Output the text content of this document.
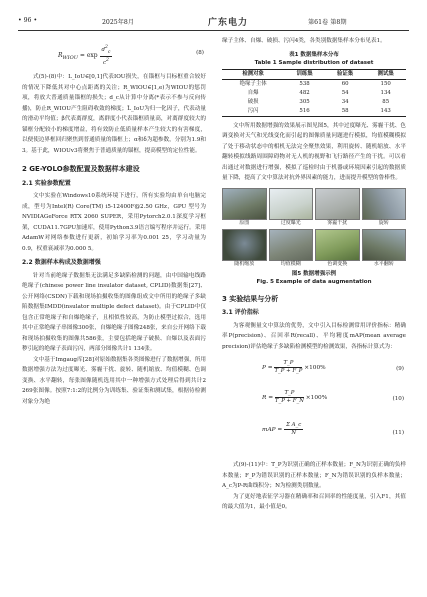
• 96 •	2025年8月	广东电力	第61卷 第8期
$R_{WIOU} = \exp \frac{d^2_c}{c^2}$	(8)

式(5)-(8)中：L_IoU∈[0,1]代表IOU损失，在锚框与目标框重合较好的情况下降低其对中心点距离的关注；R_WIOU∈[1,e)为WIOU的惩罚项，将放大普通质量锚框的损失；d_c从计算中分离(*表示不参与反向传播)，防止R_WIOU产生阻碍收敛的梯度；L̄_IoU为归一化因子，代表动量的滑动平均值；β代表离群度，离群度小代表锚框质量高，对离群度较大的锚框分配较小的梯度增益，将有效防止低质量样本产生较大的有害梯度，以便使边界框回归聚焦到普通质量的锚框上；α和δ为超参数，分别为1.9和3。基于此，WIOUv3将聚焦于普通质量的锚框，提高模型的定位性能。

2 GE-YOLO参数配置及数据样本建设
2.1 实验参数配置

文中实验在Windows10系统环境下进行，所有实验均由单台电脑完成，型号为Intel(R) Core(TM) i5-12400F@2.50 GHz，GPU 型号为 NVIDIAGeForce RTX 2060 SUPER，采用Pytorch2.0.1深度学习框架，CUDA11.7GPU加速库，使用Python3.9语言编写程序并运行。采用AdamW对网络参数进行更新，初始学习率为0.001 25，学习动量为0.9，权重衰减率为0.000 5。

2.2 数据样本构成及数据增强

针对当前绝缘子数据集无法满足多缺陷检测的问题，由中国输电线路绝缘子(chinese power line insulator dataset, CPLID)数据集[27]、公开网络(CSDN)下载和现场拍摄收集的图像组成文中所用的绝缘子多缺陷数据集IMDD(insulator multiple defect dataset)。由于CPLID中仅包含正常绝缘子和自爆绝缘子，且相似性较高，为防止模型过拟合，选用其中正常绝缘子串图像300张，自爆绝缘子图像248张，来自公开网络下载和现场拍摄收集的图像共586张，主要包括绝缘子破损、自爆以及表面污秽引起的绝缘子表面污闪，两部分图像共计1 134张。

文中基于Imgaug库[28]对原始数据集各类图像进行了数据增强，所用数据增强方法为过度曝光、雾霾干扰、旋转、随机缩放、均值模糊、色调变换、水平翻转，每张图像随机选用其中一种增强方式处理后得到共计2 269张图像。按照7:1:2的比例分为训练集、验证集和测试集，根据待检测对象分为绝

缘子主体、自爆、破损、污闪4类，各类别数据集样本分布见表1。

表1 数据集样本分布
Table 1 Sample distribution of dataset
检测对象	训练集	验证集	测试集
绝缘子主体	538	60	150
自爆	482	54	134
破损	305	34	85
污闪	516	58	143

文中所用数据增强的效果展示图见图5，其中过度曝光、雾霾干扰、色调变换对天气和光线变化而引起的图像质量问题进行模拟，均值模糊模拟了处于移动状态中的相机无法完全聚焦效果，利用旋转、随机缩放、水平翻转模拟线路周围障碍物对无人机的视野和飞行路径产生的干扰。可以看出通过对数据进行增强，模拟了巡检时由于机器或环境因素引起的数据质量下降，提高了文中算法对抗外界因素的能力，进而提升模型的鲁棒性。

原图	过度曝光	雾霾干扰	旋转
随机缩放	均值模糊	色调变换	水平翻转
图5 数据增强示例
Fig. 5 Example of data augmentation
3 实验结果与分析
3.1 评价指标

为客观衡量文中算法的优势，文中引入目标检测常用评价指标：精确率P(precision)、召回率R(recall)、平均精度mAP(mean average precision)评估绝缘子多缺陷检测模型的检测效果，各指标计算式为：

$P = \frac{T\_P}{T\_P + F\_P} \times 100\%$	(9)
$R = \frac{T\_P}{T\_P + F\_N} \times 100\%$	(10)
mAP = $\frac{\text{Σ A\_c}}{N}$	(11)

式(9)-(11)中：T_P为识别正确的正样本数量；F_N为识别正确的负样本数量；F_P为错误识别的正样本数量；F_N为错误识别的负样本数量；A_c为P-R曲线积分；N为检测类别数量。

为了更好地表征学习器在精确率和召回率的性能度量，引入F1，其值的最大值为1，最小值是0。
